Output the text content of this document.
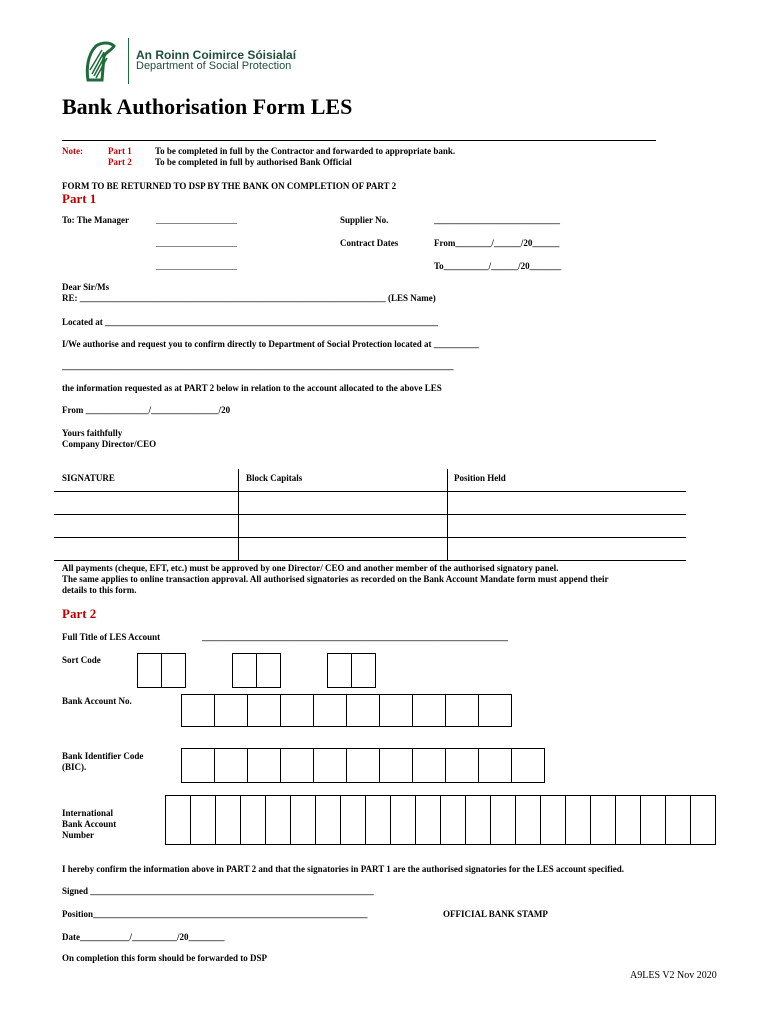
An Roinn Coimirce Sóisialaí
Department of Social Protection
Bank Authorisation Form LES
Note:	Part 1	To be completed in full by the Contractor and forwarded to appropriate bank.
Part 2	To be completed in full by authorised Bank Official
FORM TO BE RETURNED TO DSP BY THE BANK ON COMPLETION OF PART 2
Part 1
To: The Manager	__________________	Supplier No.	____________________________
__________________	Contract Dates	From________/______/20______
__________________	To__________/______/20_______
Dear Sir/Ms
RE: ____________________________________________________________________ (LES Name)
Located at __________________________________________________________________________
I/We authorise and request you to confirm directly to Department of Social Protection located at __________
_______________________________________________________________________________________
the information requested as at PART 2 below in relation to the account allocated to the above LES
From ______________/_______________/20
Yours faithfully
Company Director/CEO
SIGNATURE	Block Capitals	Position Held
All payments (cheque, EFT, etc.) must be approved by one Director/ CEO and another member of the authorised signatory panel.
The same applies to online transaction approval. All authorised signatories as recorded on the Bank Account Mandate form must append their
details to this form.
Part 2
Full Title of LES Account	____________________________________________________________________
Sort Code
Bank Account No.
Bank Identifier Code
(BIC).
International
Bank Account
Number
I hereby confirm the information above in PART 2 and that the signatories in PART 1 are the authorised signatories for the LES account specified.
Signed _______________________________________________________________
Position_____________________________________________________________	OFFICIAL BANK STAMP
Date___________/__________/20________
On completion this form should be forwarded to DSP
A9LES V2 Nov 2020
